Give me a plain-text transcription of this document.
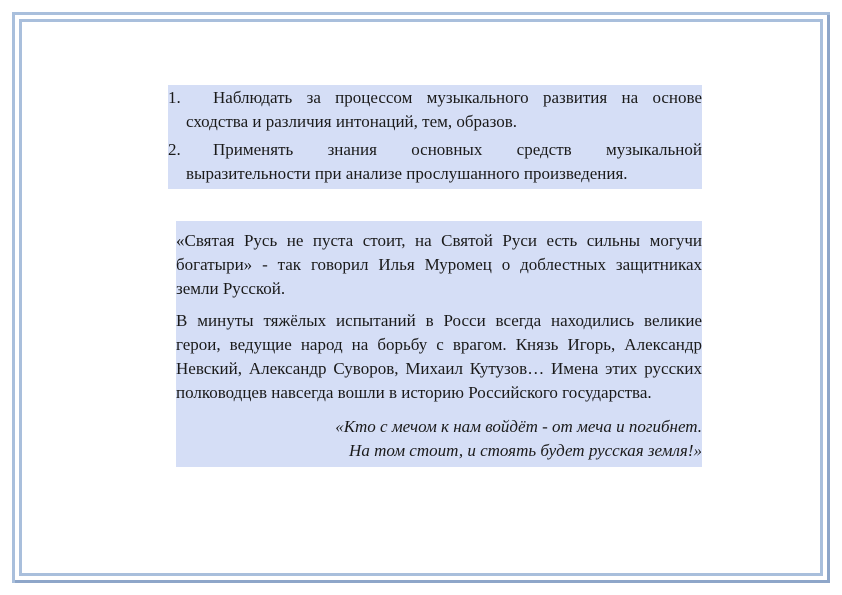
1. Наблюдать за процессом музыкального развития на основе сходства и различия интонаций, тем, образов.
2. Применять знания основных средств музыкальной выразительности при анализе прослушанного произведения.

«Святая Русь не пуста стоит, на Святой Руси есть сильны могучи богатыри» - так говорил Илья Муромец о доблестных защитниках земли Русской.

В минуты тяжёлых испытаний в Росси всегда находились великие герои, ведущие народ на борьбу с врагом. Князь Игорь, Александр Невский, Александр Суворов, Михаил Кутузов… Имена этих русских полководцев навсегда вошли в историю Российского государства.

«Кто с мечом к нам войдёт - от меча и погибнет.
На том стоит, и стоять будет русская земля!»
